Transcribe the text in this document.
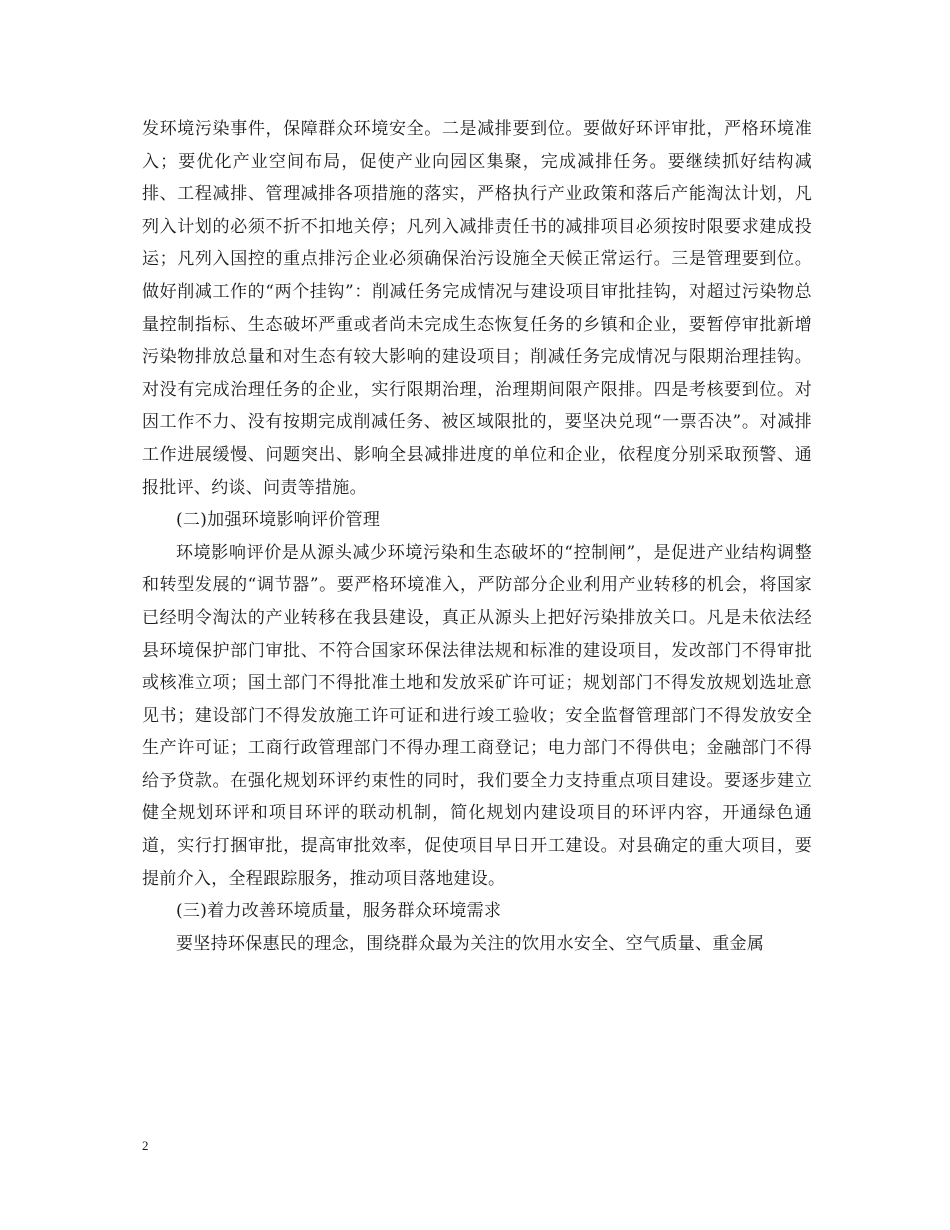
发环境污染事件，保障群众环境安全。二是减排要到位。要做好环评审批，严格环境准入；要优化产业空间布局，促使产业向园区集聚，完成减排任务。要继续抓好结构减排、工程减排、管理减排各项措施的落实，严格执行产业政策和落后产能淘汰计划，凡列入计划的必须不折不扣地关停；凡列入减排责任书的减排项目必须按时限要求建成投运；凡列入国控的重点排污企业必须确保治污设施全天候正常运行。三是管理要到位。做好削减工作的“两个挂钩”：削减任务完成情况与建设项目审批挂钩，对超过污染物总量控制指标、生态破坏严重或者尚未完成生态恢复任务的乡镇和企业，要暂停审批新增污染物排放总量和对生态有较大影响的建设项目；削减任务完成情况与限期治理挂钩。对没有完成治理任务的企业，实行限期治理，治理期间限产限排。四是考核要到位。对因工作不力、没有按期完成削减任务、被区域限批的，要坚决兑现“一票否决”。对减排工作进展缓慢、问题突出、影响全县减排进度的单位和企业，依程度分别采取预警、通报批评、约谈、问责等措施。

(二)加强环境影响评价管理

环境影响评价是从源头减少环境污染和生态破坏的“控制闸”，是促进产业结构调整和转型发展的“调节器”。要严格环境准入，严防部分企业利用产业转移的机会，将国家已经明令淘汰的产业转移在我县建设，真正从源头上把好污染排放关口。凡是未依法经县环境保护部门审批、不符合国家环保法律法规和标准的建设项目，发改部门不得审批或核准立项；国土部门不得批准土地和发放采矿许可证；规划部门不得发放规划选址意见书；建设部门不得发放施工许可证和进行竣工验收；安全监督管理部门不得发放安全生产许可证；工商行政管理部门不得办理工商登记；电力部门不得供电；金融部门不得给予贷款。在强化规划环评约束性的同时，我们要全力支持重点项目建设。要逐步建立健全规划环评和项目环评的联动机制，简化规划内建设项目的环评内容，开通绿色通道，实行打捆审批，提高审批效率，促使项目早日开工建设。对县确定的重大项目，要提前介入，全程跟踪服务，推动项目落地建设。

(三)着力改善环境质量，服务群众环境需求

要坚持环保惠民的理念，围绕群众最为关注的饮用水安全、空气质量、重金属

2
